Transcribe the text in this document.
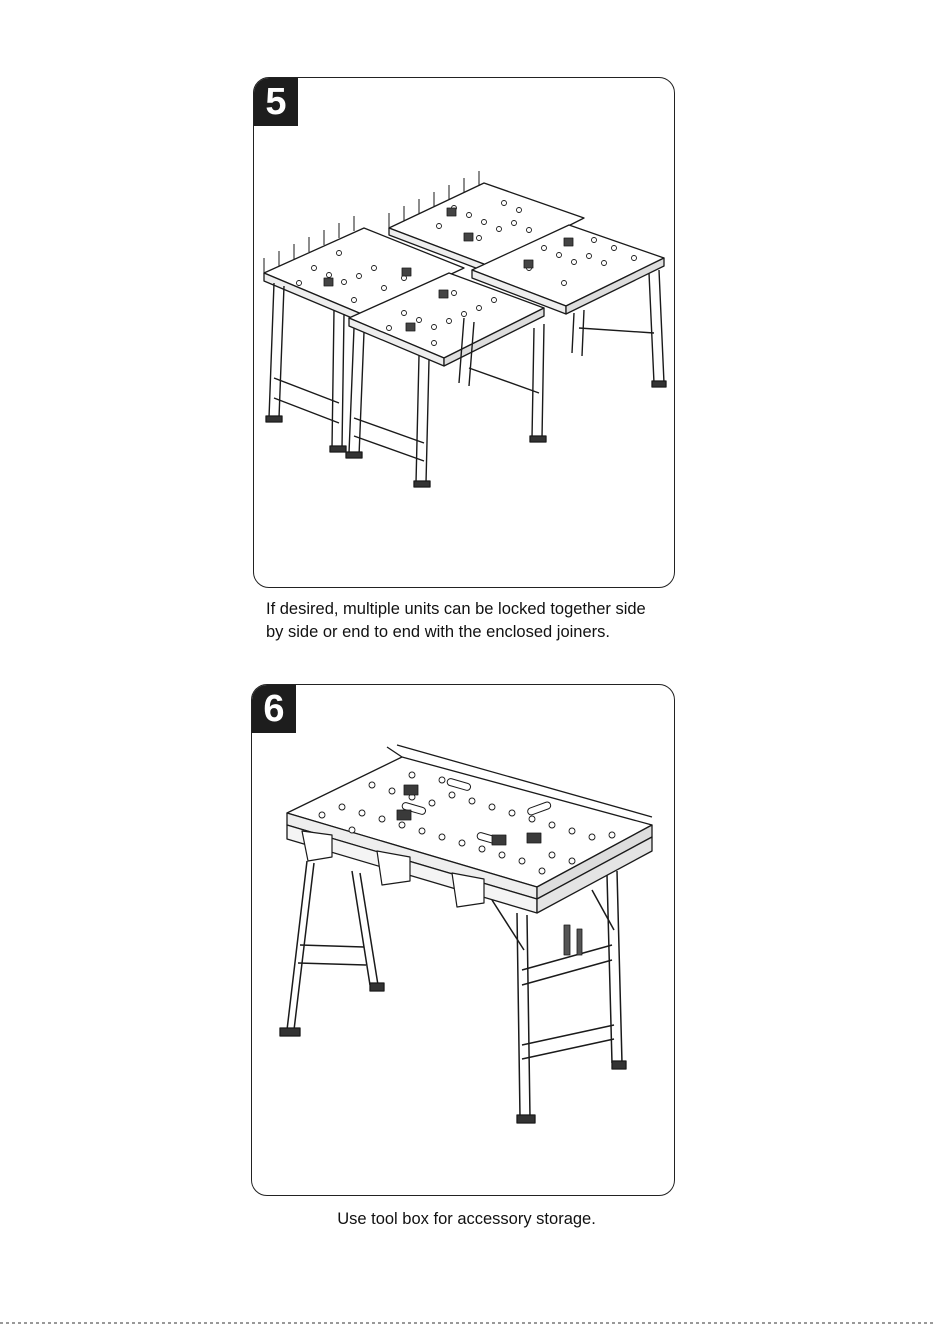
5
If desired, multiple units can be locked together side
by side or end to end with the enclosed joiners.
6
Use tool box for accessory storage.
